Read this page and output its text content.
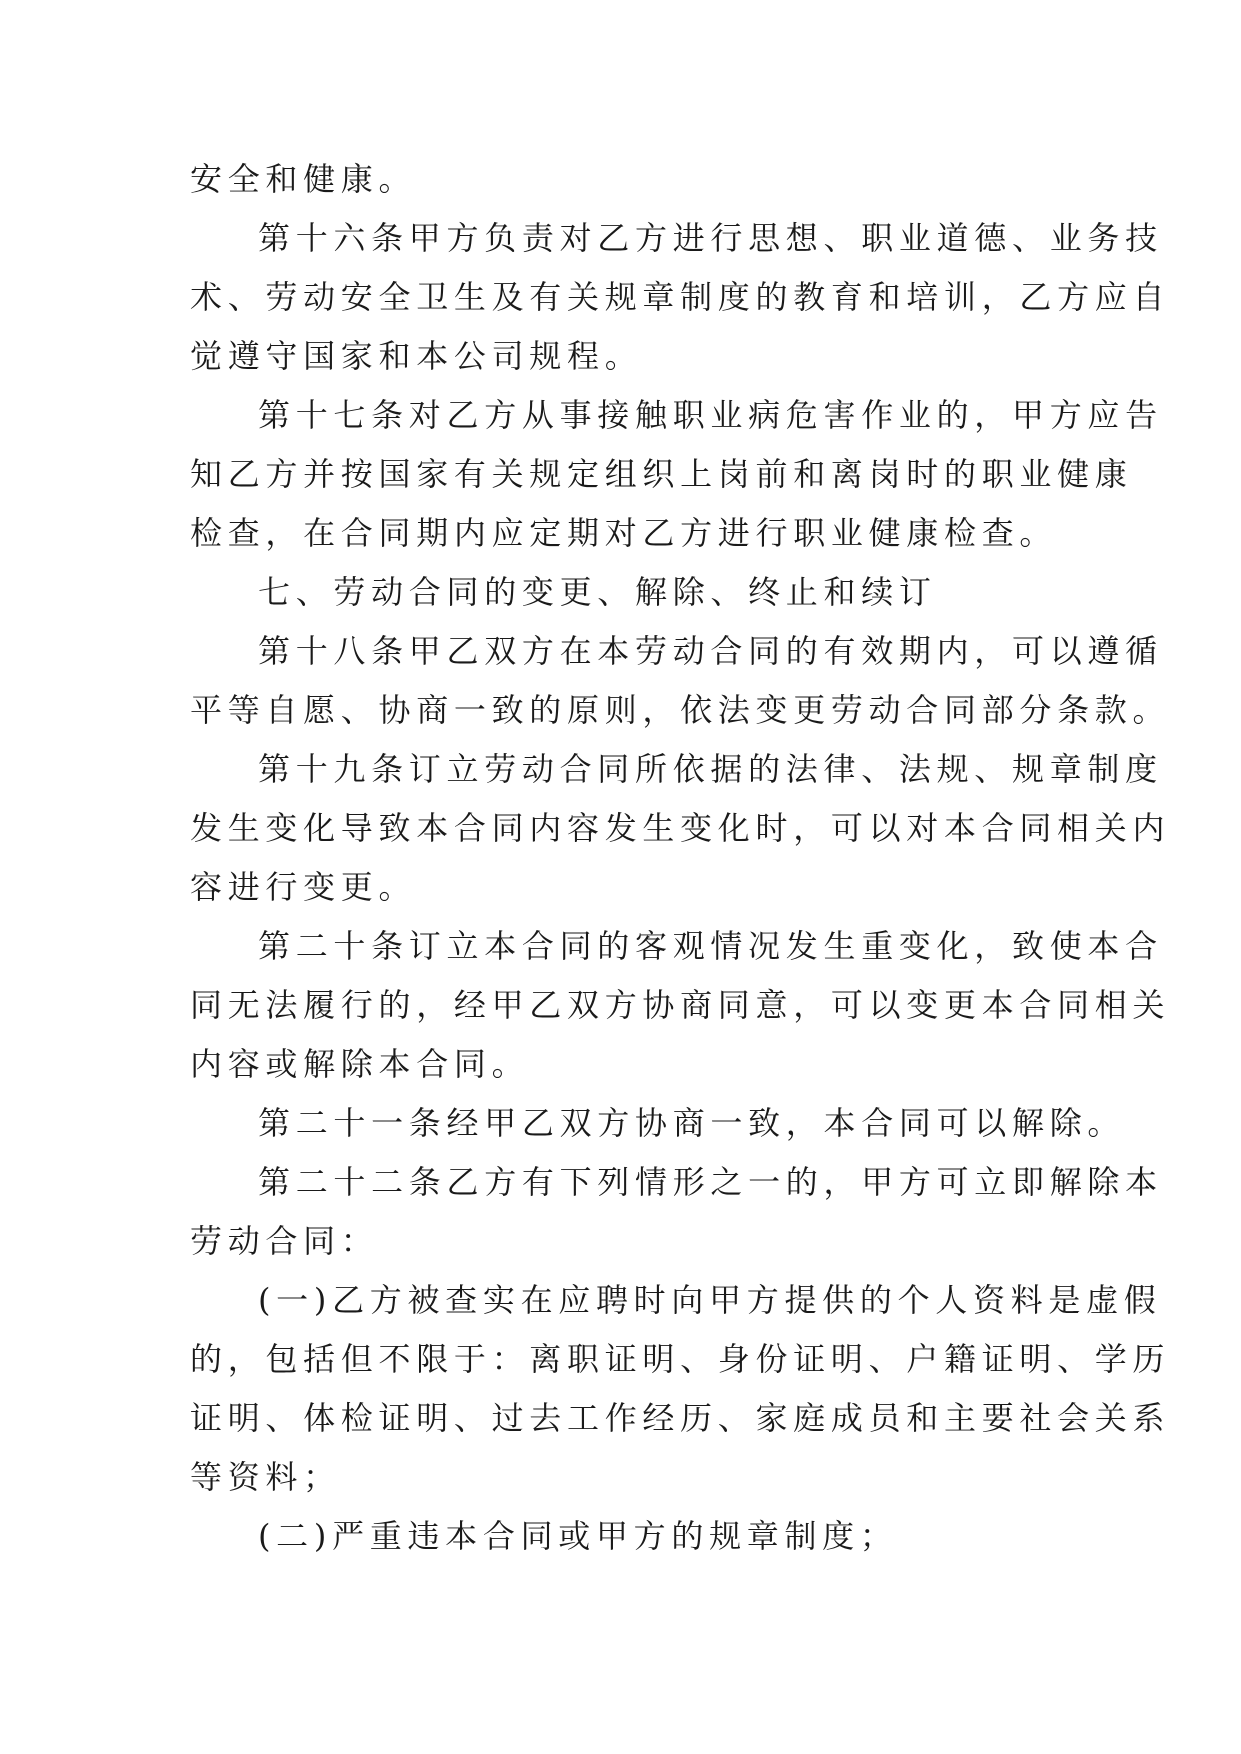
安全和健康。

第十六条甲方负责对乙方进行思想、职业道德、业务技
术、劳动安全卫生及有关规章制度的教育和培训，乙方应自
觉遵守国家和本公司规程。

第十七条对乙方从事接触职业病危害作业的，甲方应告
知乙方并按国家有关规定组织上岗前和离岗时的职业健康
检查，在合同期内应定期对乙方进行职业健康检查。

七、劳动合同的变更、解除、终止和续订

第十八条甲乙双方在本劳动合同的有效期内，可以遵循
平等自愿、协商一致的原则，依法变更劳动合同部分条款。

第十九条订立劳动合同所依据的法律、法规、规章制度
发生变化导致本合同内容发生变化时，可以对本合同相关内
容进行变更。

第二十条订立本合同的客观情况发生重变化，致使本合
同无法履行的，经甲乙双方协商同意，可以变更本合同相关
内容或解除本合同。

第二十一条经甲乙双方协商一致，本合同可以解除。

第二十二条乙方有下列情形之一的，甲方可立即解除本
劳动合同：

(一)乙方被查实在应聘时向甲方提供的个人资料是虚假
的，包括但不限于：离职证明、身份证明、户籍证明、学历
证明、体检证明、过去工作经历、家庭成员和主要社会关系
等资料；

(二)严重违本合同或甲方的规章制度；
